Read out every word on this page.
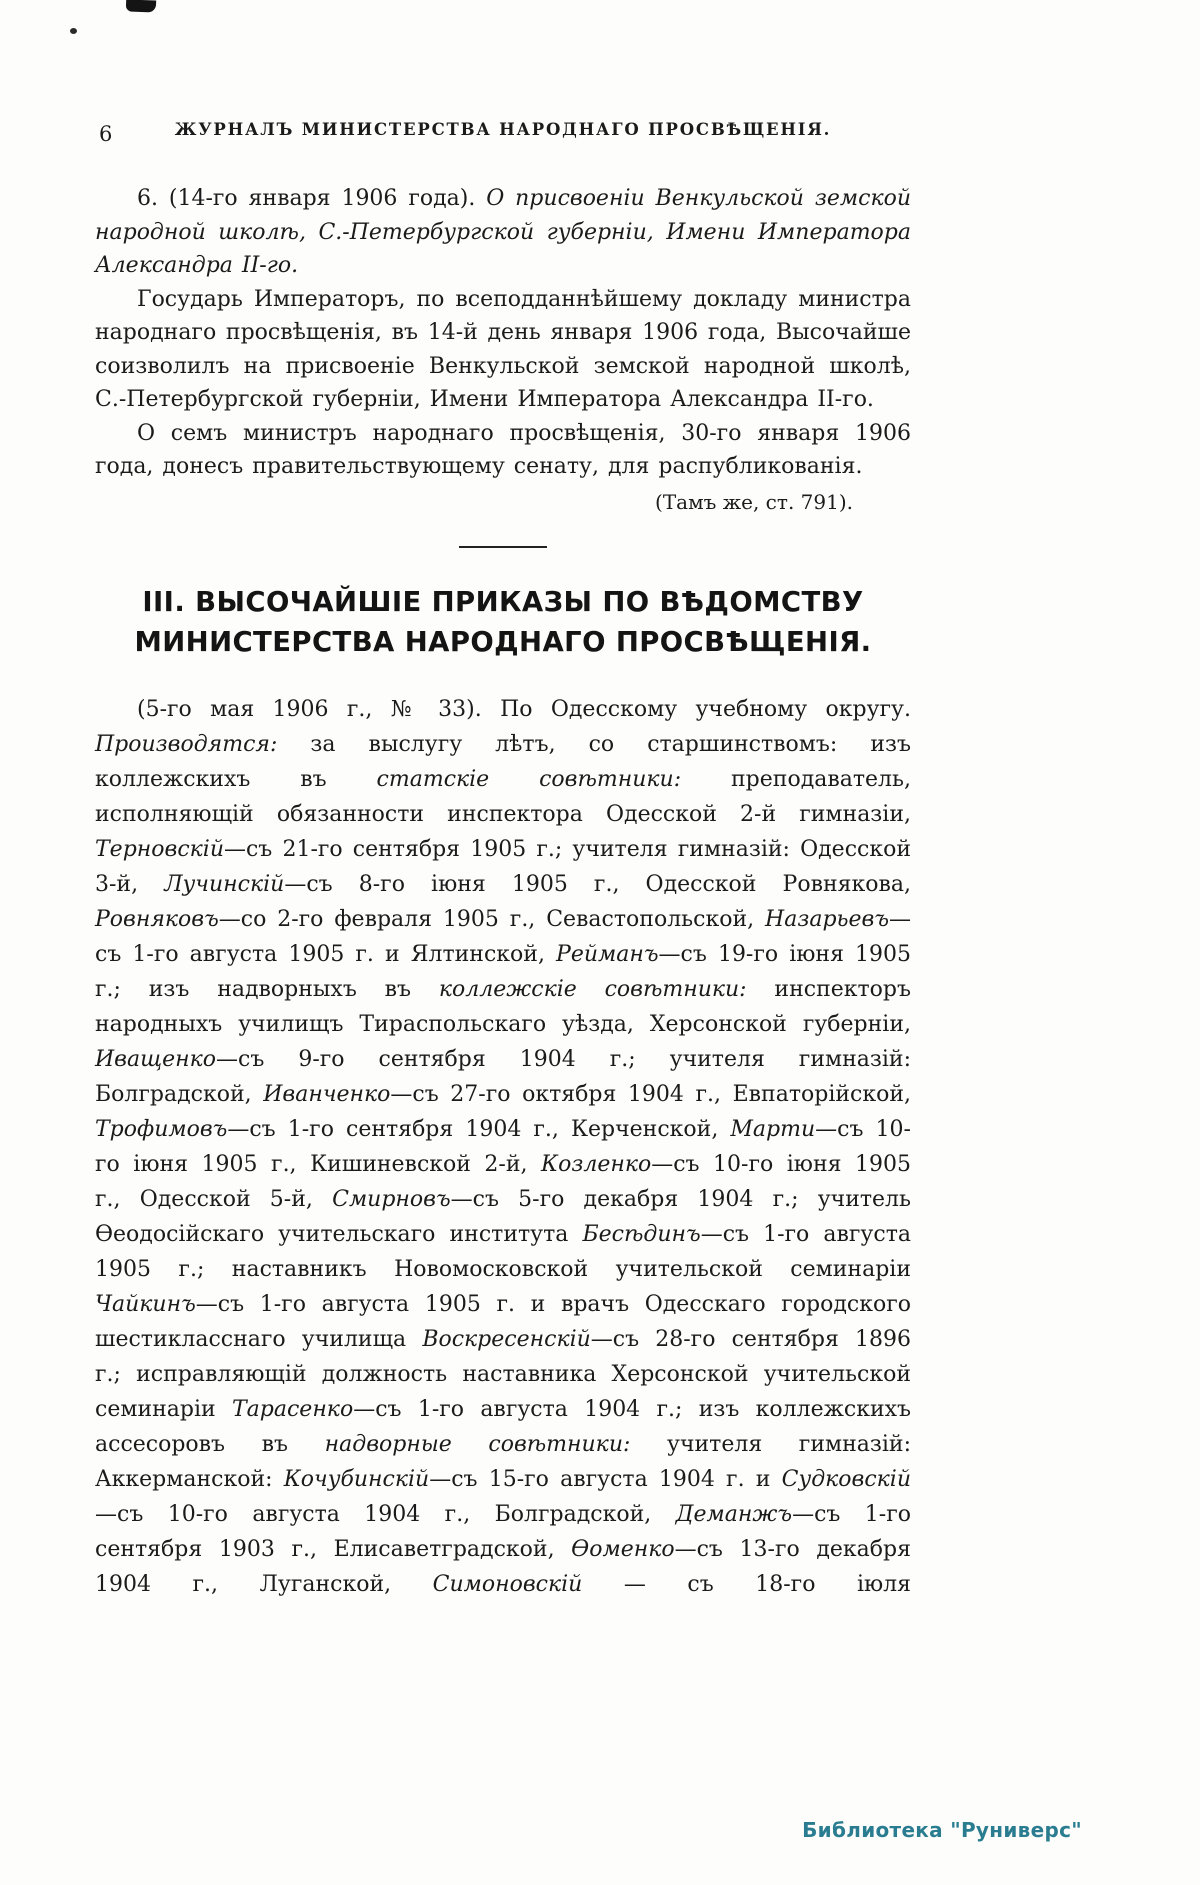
6	ЖУРНАЛЪ МИНИСТЕРСТВА НАРОДНАГО ПРОСВѢЩЕНІЯ.

6. (14-го января 1906 года). О присвоеніи Венкульской земской народной школѣ, С.-Петербургской губерніи, Имени Императора Александра II-го.

Государь Императоръ, по всеподданнѣйшему докладу министра народнаго просвѣщенія, въ 14-й день января 1906 года, Высочайше соизволилъ на присвоеніе Венкульской земской народной школѣ, С.-Петербургской губерніи, Имени Императора Александра II-го.

О семъ министръ народнаго просвѣщенія, 30-го января 1906 года, донесъ правительствующему сенату, для распубликованія.

(Тамъ же, ст. 791).

III. ВЫСОЧАЙШІЕ ПРИКАЗЫ ПО ВѢДОМСТВУ МИНИСТЕРСТВА НАРОДНАГО ПРОСВѢЩЕНІЯ.

(5-го мая 1906 г., № 33). По Одесскому учебному округу. Производятся: за выслугу лѣтъ, со старшинствомъ: изъ коллежскихъ въ статскіе совѣтники: преподаватель, исполняющій обязанности инспектора Одесской 2-й гимназіи, Терновскій—съ 21-го сентября 1905 г.; учителя гимназій: Одесской 3-й, Лучинскій—съ 8-го іюня 1905 г., Одесской Ровнякова, Ровняковъ—со 2-го февраля 1905 г., Севастопольской, Назарьевъ—съ 1-го августа 1905 г. и Ялтинской, Рейманъ—съ 19-го іюня 1905 г.; изъ надворныхъ въ коллежскіе совѣтники: инспекторъ народныхъ училищъ Тираспольскаго уѣзда, Херсонской губерніи, Иващенко—съ 9-го сентября 1904 г.; учителя гимназій: Болградской, Иванченко—съ 27-го октября 1904 г., Евпаторійской, Трофимовъ—съ 1-го сентября 1904 г., Керченской, Марти—съ 10-го іюня 1905 г., Кишиневской 2-й, Козленко—съ 10-го іюня 1905 г., Одесской 5-й, Смирновъ—съ 5-го декабря 1904 г.; учитель Ѳеодосійскаго учительскаго института Бесѣдинъ—съ 1-го августа 1905 г.; наставникъ Новомосковской учительской семинаріи Чайкинъ—съ 1-го августа 1905 г. и врачъ Одесскаго городского шестикласснаго училища Воскресенскій—съ 28-го сентября 1896 г.; исправляющій должность наставника Херсонской учительской семинаріи Тарасенко—съ 1-го августа 1904 г.; изъ коллежскихъ ассесоровъ въ надворные совѣтники: учителя гимназій: Аккерманской: Кочубинскій—съ 15-го августа 1904 г. и Судковскій—съ 10-го августа 1904 г., Болградской, Деманжъ—съ 1-го сентября 1903 г., Елисаветградской, Ѳоменко—съ 13-го декабря 1904 г., Луганской, Симоновскій — съ 18-го іюля

Библиотека "Руниверс"
